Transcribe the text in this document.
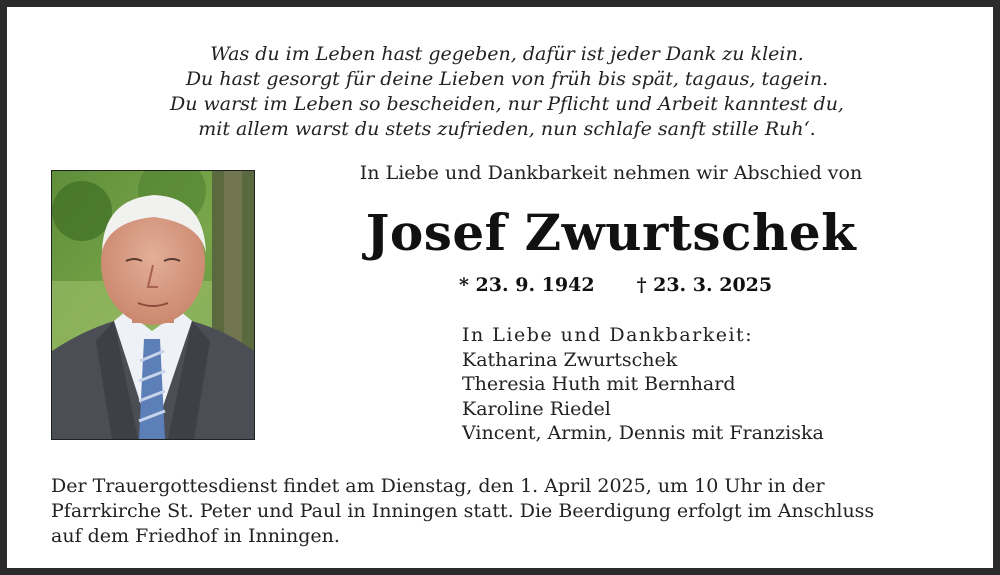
Was du im Leben hast gegeben, dafür ist jeder Dank zu klein.
Du hast gesorgt für deine Lieben von früh bis spät, tagaus, tagein.
Du warst im Leben so bescheiden, nur Pflicht und Arbeit kanntest du,
mit allem warst du stets zufrieden, nun schlafe sanft stille Ruh‘.
In Liebe und Dankbarkeit nehmen wir Abschied von
Josef Zwurtschek
* 23. 9. 1942 † 23. 3. 2025
In Liebe und Dankbarkeit:
Katharina Zwurtschek
Theresia Huth mit Bernhard
Karoline Riedel
Vincent, Armin, Dennis mit Franziska
Der Trauergottesdienst findet am Dienstag, den 1. April 2025, um 10 Uhr in der
Pfarrkirche St. Peter und Paul in Inningen statt. Die Beerdigung erfolgt im Anschluss
auf dem Friedhof in Inningen.
